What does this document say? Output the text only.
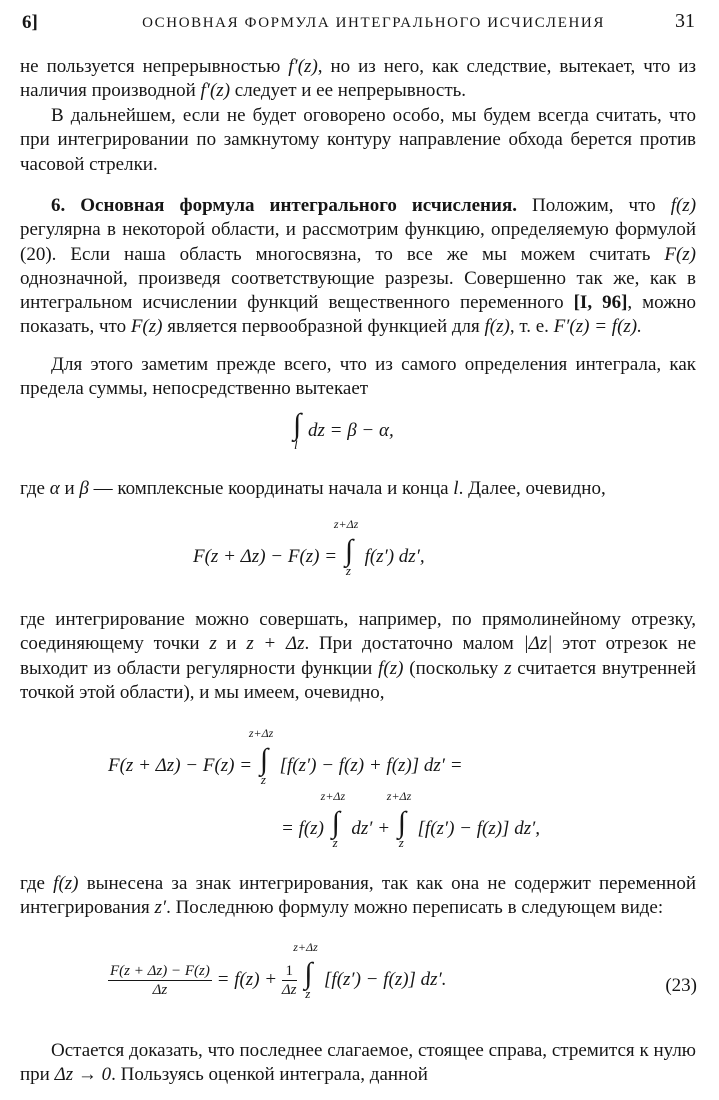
6]	ОСНОВНАЯ ФОРМУЛА ИНТЕГРАЛЬНОГО ИСЧИСЛЕНИЯ	31

не пользуется непрерывностью f′(z), но из него, как следствие, вытекает, что из наличия производной f′(z) следует и ее непрерывность.

В дальнейшем, если не будет оговорено особо, мы будем всегда считать, что при интегрировании по замкнутому контуру направление обхода берется против часовой стрелки.

6. Основная формула интегрального исчисления. Положим, что f(z) регулярна в некоторой области, и рассмотрим функцию, определяемую формулой (20). Если наша область многосвязна, то все же мы можем считать F(z) однозначной, произведя соответствующие разрезы. Совершенно так же, как в интегральном исчислении функций вещественного переменного [I, 96], можно показать, что F(z) является первообразной функцией для f(z), т. е. F′(z) = f(z).

Для этого заметим прежде всего, что из самого определения интеграла, как предела суммы, непосредственно вытекает

∫
l
dz = β − α,

где α и β — комплексные координаты начала и конца l. Далее, очевидно,

F(z + Δz) − F(z) =
z+Δz
∫
z
f(z′) dz′,

где интегрирование можно совершать, например, по прямолинейному отрезку, соединяющему точки z и z + Δz. При достаточно малом |Δz| этот отрезок не выходит из области регулярности функции f(z) (поскольку z считается внутренней точкой этой области), и мы имеем, очевидно,

F(z + Δz) − F(z) =
z+Δz
∫
z
[f(z′) − f(z) + f(z)] dz′ =
= f(z)
z+Δz
∫
z
dz′ +
z+Δz
∫
z
[f(z′) − f(z)] dz′,

где f(z) вынесена за знак интегрирования, так как она не содержит переменной интегрирования z′. Последнюю формулу можно переписать в следующем виде:

$\frac{F(z + \Delta z) - F(z)}{\Delta z} = f(z) + \frac{1}{\Delta z}$

z+Δz
∫
z
[f(z′) − f(z)] dz′.	(23)

Остается доказать, что последнее слагаемое, стоящее справа, стремится к нулю при Δz → 0. Пользуясь оценкой интеграла, данной
